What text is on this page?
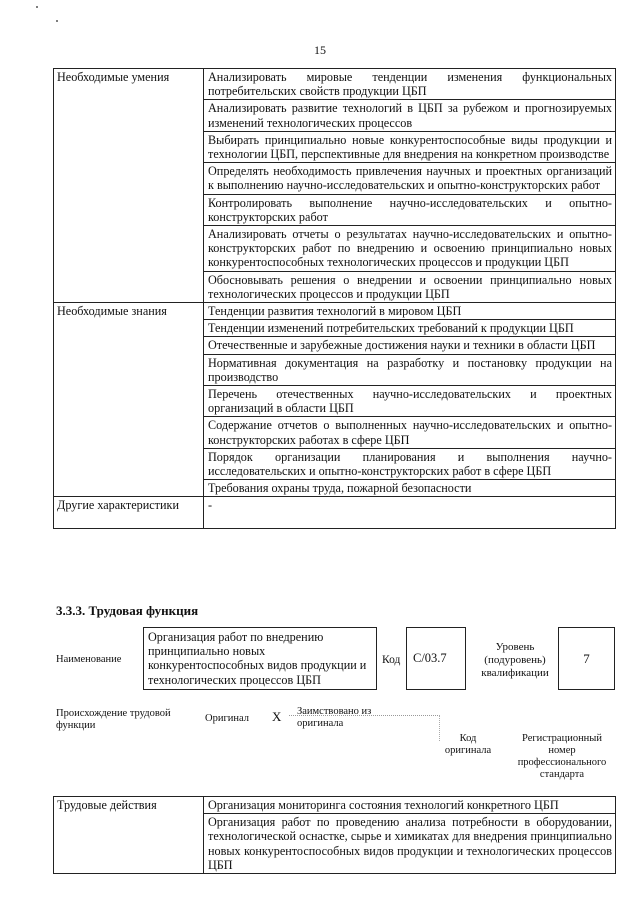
15
Необходимые умения	Анализировать мировые тенденции изменения функциональных потребительских свойств продукции ЦБП
	Анализировать развитие технологий в ЦБП за рубежом и прогнозируемых изменений технологических процессов
	Выбирать принципиально новые конкурентоспособные виды продукции и технологии ЦБП, перспективные для внедрения на конкретном производстве
	Определять необходимость привлечения научных и проектных организаций к выполнению научно-исследовательских и опытно-конструкторских работ
	Контролировать выполнение научно-исследовательских и опытно-конструкторских работ
	Анализировать отчеты о результатах научно-исследовательских и опытно-конструкторских работ по внедрению и освоению принципиально новых конкурентоспособных технологических процессов и продукции ЦБП
	Обосновывать решения о внедрении и освоении принципиально новых технологических процессов и продукции ЦБП
Необходимые знания	Тенденции развития технологий в мировом ЦБП
	Тенденции изменений потребительских требований к продукции ЦБП
	Отечественные и зарубежные достижения науки и техники в области ЦБП
	Нормативная документация на разработку и постановку продукции на производство
	Перечень отечественных научно-исследовательских и проектных организаций в области ЦБП
	Содержание отчетов о выполненных научно-исследовательских и опытно-конструкторских работах в сфере ЦБП
	Порядок организации планирования и выполнения научно-исследовательских и опытно-конструкторских работ в сфере ЦБП
	Требования охраны труда, пожарной безопасности
Другие характеристики	-
3.3.3. Трудовая функция
Наименование
Организация работ по внедрению принципиально новых конкурентоспособных видов продукции и технологических процессов ЦБП
Код	C/03.7
Уровень (подуровень) квалификации
7
Происхождение трудовой функции
Оригинал X Заимствовано из оригинала
Код оригинала
Регистрационный номер профессионального стандарта
Трудовые действия	Организация мониторинга состояния технологий конкретного ЦБП
Организация работ по проведению анализа потребности в оборудовании, технологической оснастке, сырье и химикатах для внедрения принципиально новых конкурентоспособных видов продукции и технологических процессов ЦБП
